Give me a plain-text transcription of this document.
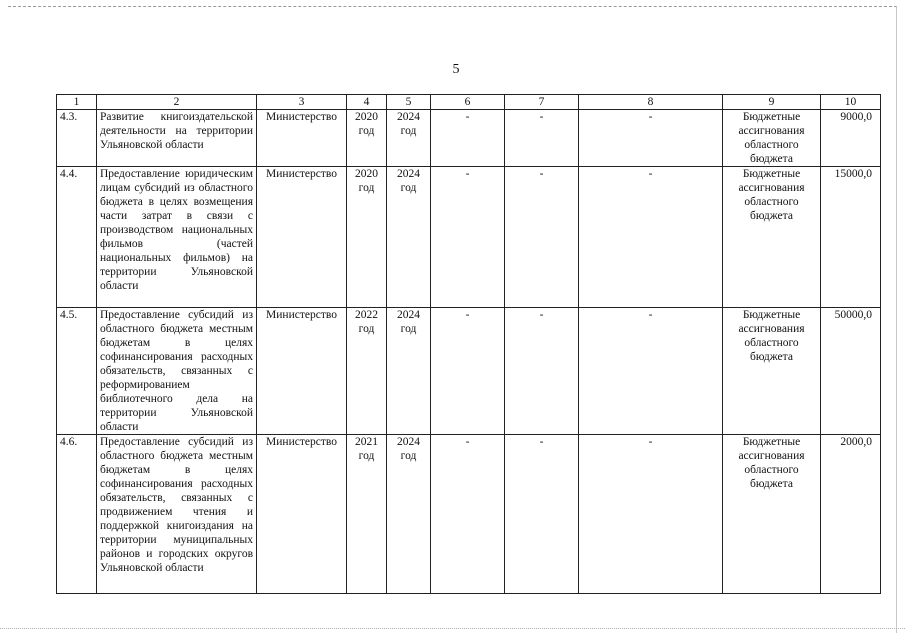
5
1	2	3	4	5	6	7	8	9	10
4.3.	Развитие книгоиздательской деятельности на территории Ульяновской области	Министерство	2020 год	2024 год	-	-	-	Бюджетные ассигнования областного бюджета	9000,0
4.4.	Предоставление юридическим лицам субсидий из областного бюджета в целях возмещения части затрат в связи с производством национальных фильмов (частей национальных фильмов) на территории Ульяновской области	Министерство	2020 год	2024 год	-	-	-	Бюджетные ассигнования областного бюджета	15000,0
4.5.	Предоставление субсидий из областного бюджета местным бюджетам в целях софинансирования расходных обязательств, связанных с реформированием библиотечного дела на территории Ульяновской области	Министерство	2022 год	2024 год	-	-	-	Бюджетные ассигнования областного бюджета	50000,0
4.6.	Предоставление субсидий из областного бюджета местным бюджетам в целях софинансирования расходных обязательств, связанных с продвижением чтения и поддержкой книгоиздания на территории муниципальных районов и городских округов Ульяновской области	Министерство	2021 год	2024 год	-	-	-	Бюджетные ассигнования областного бюджета	2000,0
